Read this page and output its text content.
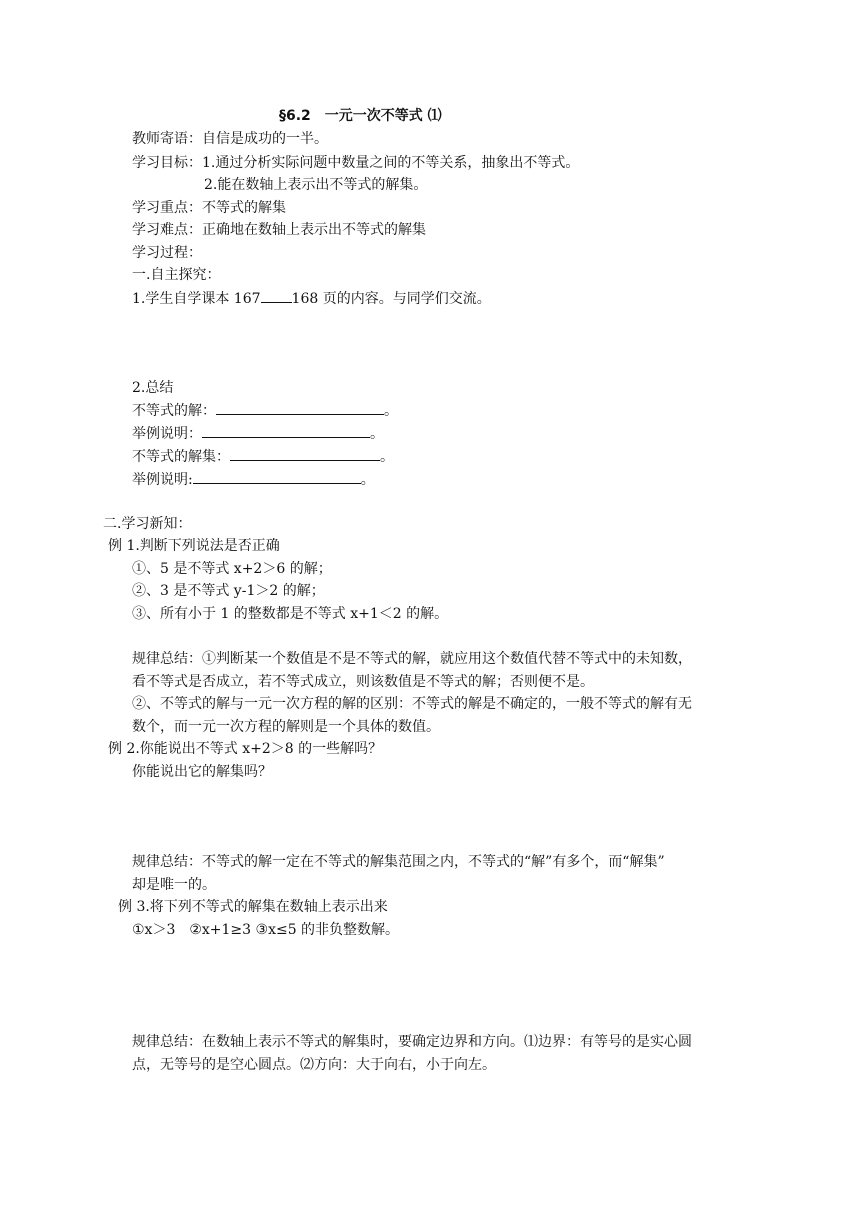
§6.2　一元一次不等式 ⑴
教师寄语：自信是成功的一半。
学习目标：1.通过分析实际问题中数量之间的不等关系，抽象出不等式。
2.能在数轴上表示出不等式的解集。
学习重点：不等式的解集
学习难点：正确地在数轴上表示出不等式的解集
学习过程：
一.自主探究：
1.学生自学课本 167 168 页的内容。与同学们交流。
2.总结
不等式的解：	。
举例说明：	。
不等式的解集：	。
举例说明:	。
二.学习新知：
例 1.判断下列说法是否正确
①、5 是不等式 x+2＞6 的解；
②、3 是不等式 y-1＞2 的解；
③、所有小于 1 的整数都是不等式 x+1＜2 的解。
规律总结：①判断某一个数值是不是不等式的解，就应用这个数值代替不等式中的未知数，
看不等式是否成立，若不等式成立，则该数值是不等式的解；否则便不是。
②、不等式的解与一元一次方程的解的区别：不等式的解是不确定的，一般不等式的解有无
数个，而一元一次方程的解则是一个具体的数值。
例 2.你能说出不等式 x+2＞8 的一些解吗？
你能说出它的解集吗？
规律总结：不等式的解一定在不等式的解集范围之内，不等式的“解”有多个，而“解集”
却是唯一的。
例 3.将下列不等式的解集在数轴上表示出来
①x＞3　②x+1≥3 ③x≤5 的非负整数解。
规律总结：在数轴上表示不等式的解集时，要确定边界和方向。⑴边界：有等号的是实心圆
点，无等号的是空心圆点。⑵方向：大于向右，小于向左。
